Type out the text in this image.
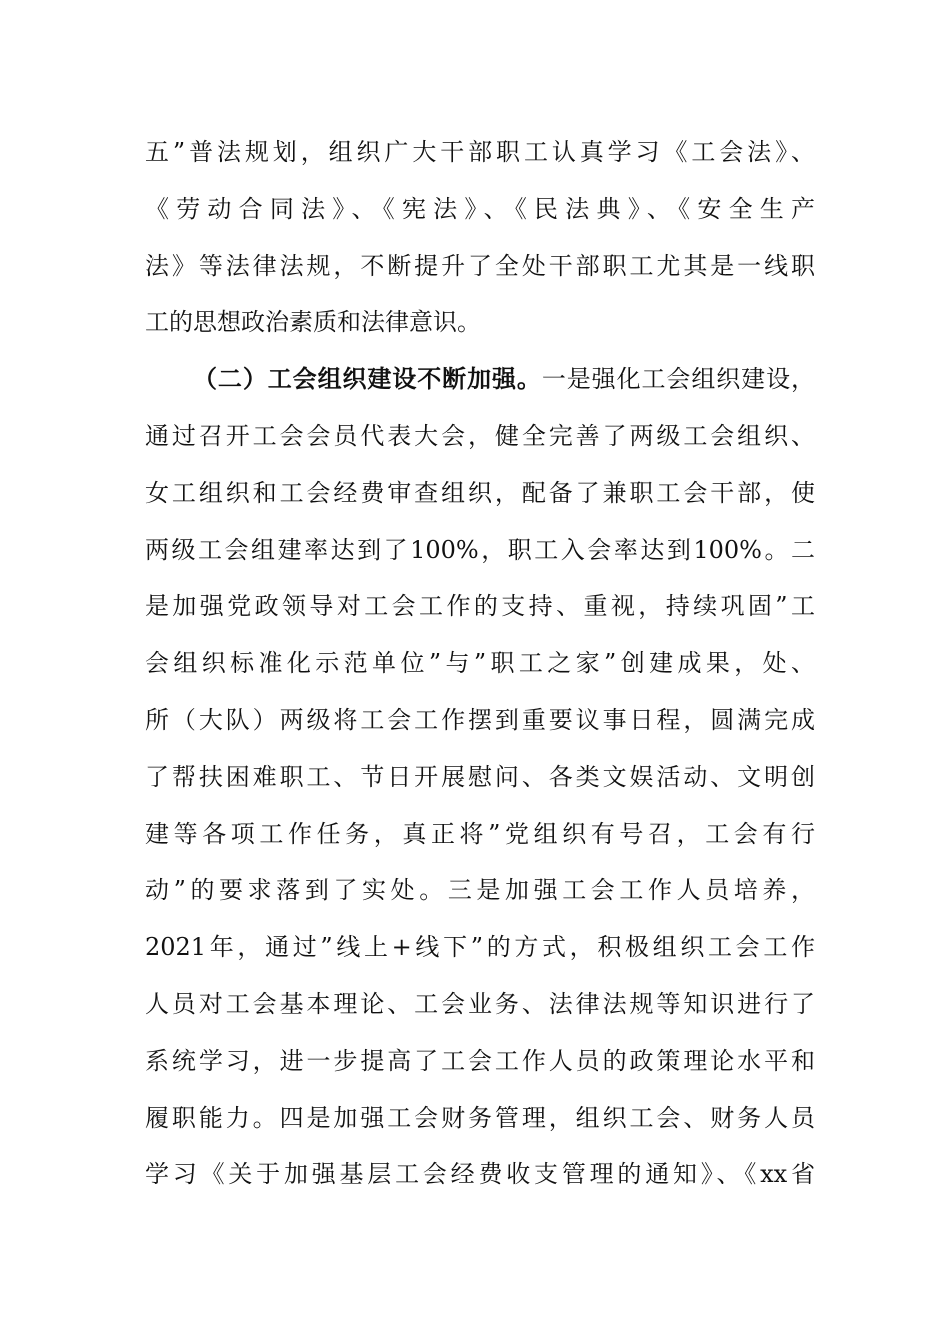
五”普法规划，组织广大干部职工认真学习《工会法》、
《劳动合同法》、《宪法》、《民法典》、《安全生产
法》等法律法规，不断提升了全处干部职工尤其是一线职
工的思想政治素质和法律意识。
（二）工会组织建设不断加强。一是强化工会组织建设，
通过召开工会会员代表大会，健全完善了两级工会组织、
女工组织和工会经费审查组织，配备了兼职工会干部，使
两级工会组建率达到了100%，职工入会率达到100%。二
是加强党政领导对工会工作的支持、重视，持续巩固”工
会组织标准化示范单位”与”职工之家”创建成果，处、
所（大队）两级将工会工作摆到重要议事日程，圆满完成
了帮扶困难职工、节日开展慰问、各类文娱活动、文明创
建等各项工作任务，真正将”党组织有号召，工会有行
动”的要求落到了实处。三是加强工会工作人员培养，
2021年，通过”线上+线下”的方式，积极组织工会工作
人员对工会基本理论、工会业务、法律法规等知识进行了
系统学习，进一步提高了工会工作人员的政策理论水平和
履职能力。四是加强工会财务管理，组织工会、财务人员
学习《关于加强基层工会经费收支管理的通知》、《xx省
